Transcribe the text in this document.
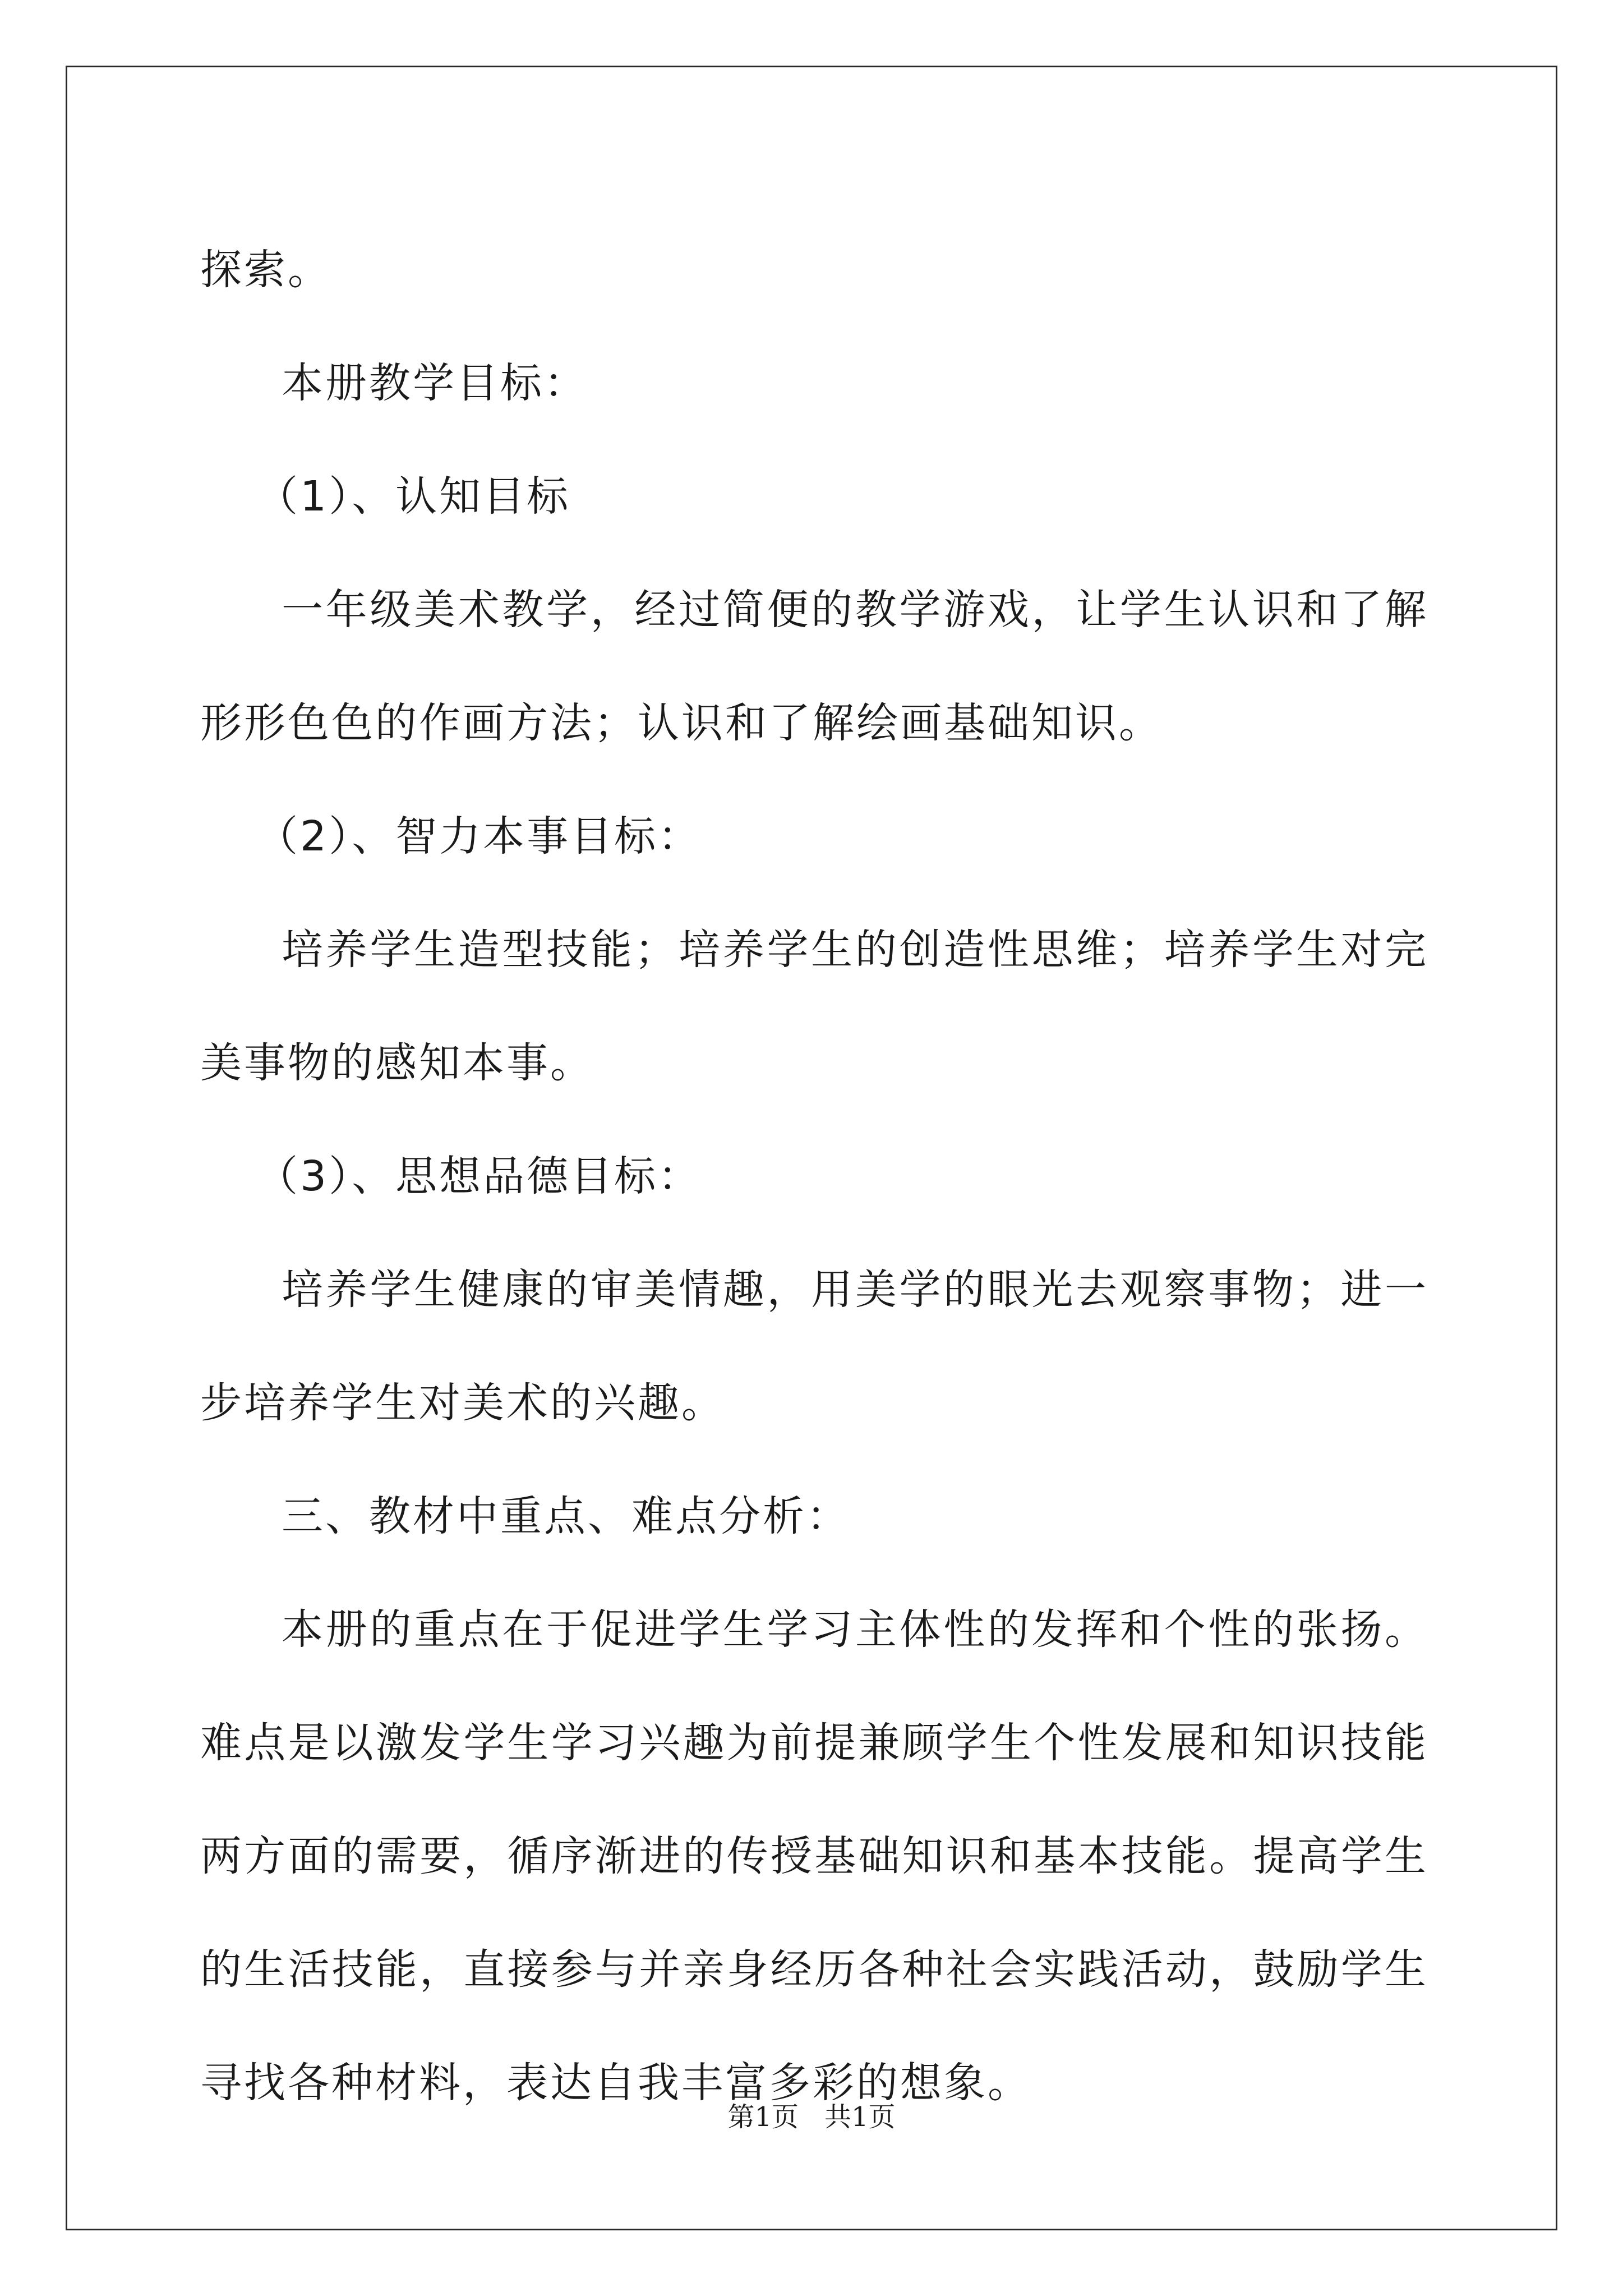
探索。

本册教学目标：

（1）、认知目标

一年级美术教学，经过简便的教学游戏，让学生认识和了解形形色色的作画方法；认识和了解绘画基础知识。

（2）、智力本事目标：

培养学生造型技能；培养学生的创造性思维；培养学生对完美事物的感知本事。

（3）、思想品德目标：

培养学生健康的审美情趣，用美学的眼光去观察事物；进一步培养学生对美术的兴趣。

三、教材中重点、难点分析：

本册的重点在于促进学生学习主体性的发挥和个性的张扬。难点是以激发学生学习兴趣为前提兼顾学生个性发展和知识技能两方面的需要，循序渐进的传授基础知识和基本技能。提高学生的生活技能，直接参与并亲身经历各种社会实践活动，鼓励学生寻找各种材料，表达自我丰富多彩的想象。

第1页 共1页
